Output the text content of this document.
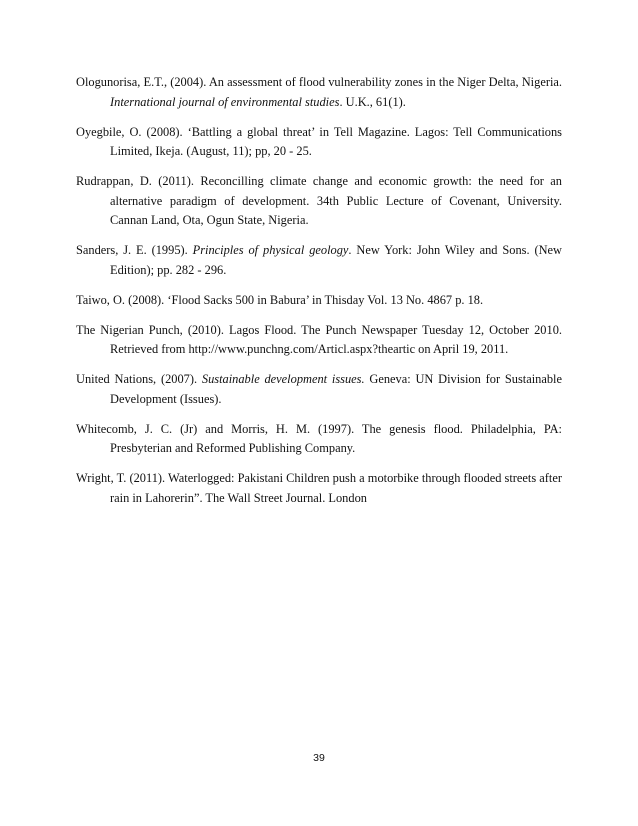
Ologunorisa, E.T., (2004). An assessment of flood vulnerability zones in the Niger Delta, Nigeria. International journal of environmental studies. U.K., 61(1).

Oyegbile, O. (2008). ‘Battling a global threat’ in Tell Magazine. Lagos: Tell Communications Limited, Ikeja. (August, 11); pp, 20 - 25.

Rudrappan, D. (2011). Reconcilling climate change and economic growth: the need for an alternative paradigm of development. 34th Public Lecture of Covenant, University. Cannan Land, Ota, Ogun State, Nigeria.

Sanders, J. E. (1995). Principles of physical geology. New York: John Wiley and Sons. (New Edition); pp. 282 - 296.

Taiwo, O. (2008). ‘Flood Sacks 500 in Babura’ in Thisday Vol. 13 No. 4867 p. 18.

The Nigerian Punch, (2010). Lagos Flood. The Punch Newspaper Tuesday 12, October 2010. Retrieved from http://www.punchng.com/Articl.aspx?theartic on April 19, 2011.

United Nations, (2007). Sustainable development issues. Geneva: UN Division for Sustainable Development (Issues).

Whitecomb, J. C. (Jr) and Morris, H. M. (1997). The genesis flood. Philadelphia, PA: Presbyterian and Reformed Publishing Company.

Wright, T. (2011). Waterlogged: Pakistani Children push a motorbike through flooded streets after rain in Lahorerin”. The Wall Street Journal. London

39
